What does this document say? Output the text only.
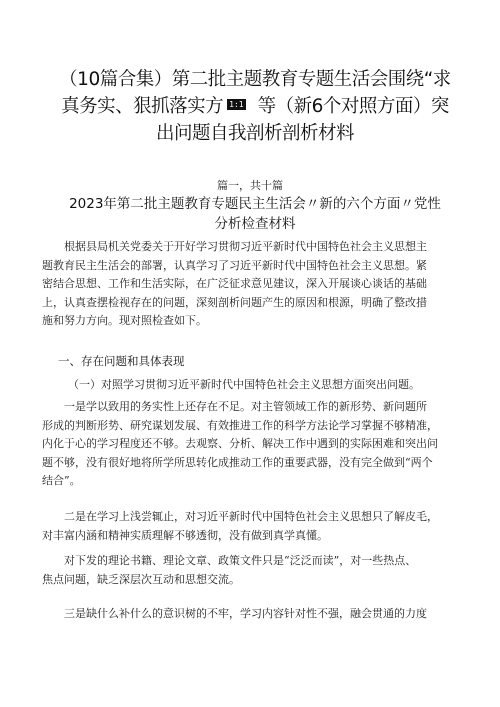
（10篇合集）第二批主题教育专题生活会围绕“求
真务实、狠抓落实方 1:1 等（新6个对照方面）突
出问题自我剖析剖析材料
篇一，共十篇
2023年第二批主题教育专题民主生活会〃新的六个方面〃党性
分析检查材料
根据县局机关党委关于开好学习贯彻习近平新时代中国特色社会主义思想主
题教育民主生活会的部署，认真学习了习近平新时代中国特色社会主义思想。紧
密结合思想、工作和生活实际，在广泛征求意见建议，深入开展谈心谈话的基础
上，认真查摆检视存在的问题，深刻剖析问题产生的原因和根源，明确了整改措
施和努力方向。现对照检查如下。
一、存在问题和具体表现
（一）对照学习贯彻习近平新时代中国特色社会主义思想方面突出问题。
一是学以致用的务实性上还存在不足。对主管领域工作的新形势、新问题所
形成的判断形势、研究谋划发展、有效推进工作的科学方法论学习掌握不够精准，
内化于心的学习程度还不够。去观察、分析、解决工作中遇到的实际困难和突出问
题不够，没有很好地将所学所思转化成推动工作的重要武器，没有完全做到“两个
结合”。
二是在学习上浅尝辄止，对习近平新时代中国特色社会主义思想只了解皮毛，
对丰富内涵和精神实质理解不够透彻，没有做到真学真懂。
对下发的理论书籍、理论文章、政策文件只是“泛泛而读”，对一些热点、
焦点问题，缺乏深层次互动和思想交流。
三是缺什么补什么的意识树的不牢，学习内容针对性不强，融会贯通的力度
